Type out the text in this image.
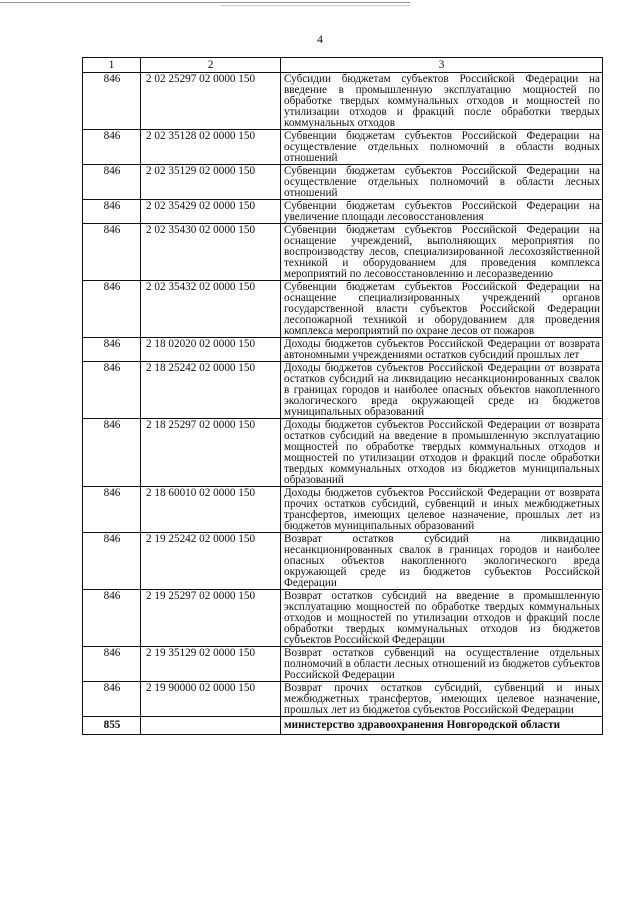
4
1	2	3
846	2 02 25297 02 0000 150	Субсидии бюджетам субъектов Российской Федерации на введение в промышленную эксплуатацию мощностей по обработке твердых коммунальных отходов и мощностей по утилизации отходов и фракций после обработки твердых коммунальных отходов
846	2 02 35128 02 0000 150	Субвенции бюджетам субъектов Российской Федерации на осуществление отдельных полномочий в области водных отношений
846	2 02 35129 02 0000 150	Субвенции бюджетам субъектов Российской Федерации на осуществление отдельных полномочий в области лесных отношений
846	2 02 35429 02 0000 150	Субвенции бюджетам субъектов Российской Федерации на увеличение площади лесовосстановления
846	2 02 35430 02 0000 150	Субвенции бюджетам субъектов Российской Федерации на оснащение учреждений, выполняющих мероприятия по воспроизводству лесов, специализированной лесохозяйственной техникой и оборудованием для проведения комплекса мероприятий по лесовосстановлению и лесоразведению
846	2 02 35432 02 0000 150	Субвенции бюджетам субъектов Российской Федерации на оснащение специализированных учреждений органов государственной власти субъектов Российской Федерации лесопожарной техникой и оборудованием для проведения комплекса мероприятий по охране лесов от пожаров
846	2 18 02020 02 0000 150	Доходы бюджетов субъектов Российской Федерации от возврата автономными учреждениями остатков субсидий прошлых лет
846	2 18 25242 02 0000 150	Доходы бюджетов субъектов Российской Федерации от возврата остатков субсидий на ликвидацию несанкционированных свалок в границах городов и наиболее опасных объектов накопленного экологического вреда окружающей среде из бюджетов муниципальных образований
846	2 18 25297 02 0000 150	Доходы бюджетов субъектов Российской Федерации от возврата остатков субсидий на введение в промышленную эксплуатацию мощностей по обработке твердых коммунальных отходов и мощностей по утилизации отходов и фракций после обработки твердых коммунальных отходов из бюджетов муниципальных образований
846	2 18 60010 02 0000 150	Доходы бюджетов субъектов Российской Федерации от возврата прочих остатков субсидий, субвенций и иных межбюджетных трансфертов, имеющих целевое назначение, прошлых лет из бюджетов муниципальных образований
846	2 19 25242 02 0000 150	Возврат остатков субсидий на ликвидацию несанкционированных свалок в границах городов и наиболее опасных объектов накопленного экологического вреда окружающей среде из бюджетов субъектов Российской Федерации
846	2 19 25297 02 0000 150	Возврат остатков субсидий на введение в промышленную эксплуатацию мощностей по обработке твердых коммунальных отходов и мощностей по утилизации отходов и фракций после обработки твердых коммунальных отходов из бюджетов субъектов Российской Федерации
846	2 19 35129 02 0000 150	Возврат остатков субвенций на осуществление отдельных полномочий в области лесных отношений из бюджетов субъектов Российской Федерации
846	2 19 90000 02 0000 150	Возврат прочих остатков субсидий, субвенций и иных межбюджетных трансфертов, имеющих целевое назначение, прошлых лет из бюджетов субъектов Российской Федерации
855		министерство здравоохранения Новгородской области
